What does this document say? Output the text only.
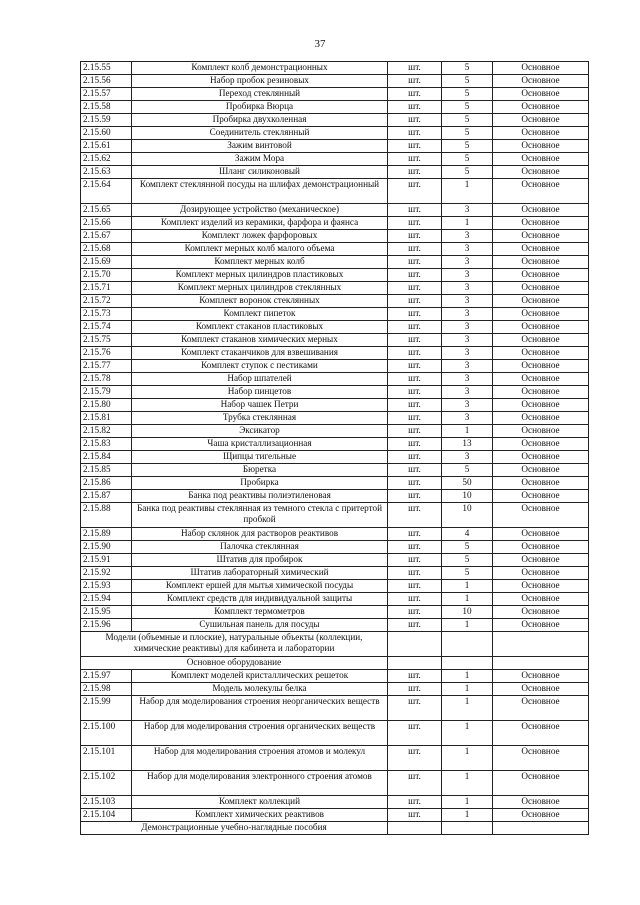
37
2.15.55	Комплект колб демонстрационных	шт.	5	Основное
2.15.56	Набор пробок резиновых	шт.	5	Основное
2.15.57	Переход стеклянный	шт.	5	Основное
2.15.58	Пробирка Вюрца	шт.	5	Основное
2.15.59	Пробирка двухколенная	шт.	5	Основное
2.15.60	Соединитель стеклянный	шт.	5	Основное
2.15.61	Зажим винтовой	шт.	5	Основное
2.15.62	Зажим Мора	шт.	5	Основное
2.15.63	Шланг силиконовый	шт.	5	Основное
2.15.64	Комплект стеклянной посуды на шлифах демонстрационный	шт.	1	Основное
2.15.65	Дозирующее устройство (механическое)	шт.	3	Основное
2.15.66	Комплект изделий из керамики, фарфора и фаянса	шт.	1	Основное
2.15.67	Комплект ложек фарфоровых	шт.	3	Основное
2.15.68	Комплект мерных колб малого объема	шт.	3	Основное
2.15.69	Комплект мерных колб	шт.	3	Основное
2.15.70	Комплект мерных цилиндров пластиковых	шт.	3	Основное
2.15.71	Комплект мерных цилиндров стеклянных	шт.	3	Основное
2.15.72	Комплект воронок стеклянных	шт.	3	Основное
2.15.73	Комплект пипеток	шт.	3	Основное
2.15.74	Комплект стаканов пластиковых	шт.	3	Основное
2.15.75	Комплект стаканов химических мерных	шт.	3	Основное
2.15.76	Комплект стаканчиков для взвешивания	шт.	3	Основное
2.15.77	Комплект ступок с пестиками	шт.	3	Основное
2.15.78	Набор шпателей	шт.	3	Основное
2.15.79	Набор пинцетов	шт.	3	Основное
2.15.80	Набор чашек Петри	шт.	3	Основное
2.15.81	Трубка стеклянная	шт.	3	Основное
2.15.82	Эксикатор	шт.	1	Основное
2.15.83	Чаша кристаллизационная	шт.	13	Основное
2.15.84	Щипцы тигельные	шт.	3	Основное
2.15.85	Бюретка	шт.	5	Основное
2.15.86	Пробирка	шт.	50	Основное
2.15.87	Банка под реактивы полиэтиленовая	шт.	10	Основное
2.15.88	Банка под реактивы стеклянная из темного стекла с притертой пробкой	шт.	10	Основное
2.15.89	Набор склянок для растворов реактивов	шт.	4	Основное
2.15.90	Палочка стеклянная	шт.	5	Основное
2.15.91	Штатив для пробирок	шт.	5	Основное
2.15.92	Штатив лабораторный химический	шт.	5	Основное
2.15.93	Комплект ершей для мытья химической посуды	шт.	1	Основное
2.15.94	Комплект средств для индивидуальной защиты	шт.	1	Основное
2.15.95	Комплект термометров	шт.	10	Основное
2.15.96	Сушильная панель для посуды	шт.	1	Основное
Модели (объемные и плоские), натуральные объекты (коллекции, химические реактивы) для кабинета и лаборатории				
Основное оборудование				
2.15.97	Комплект моделей кристаллических решеток	шт.	1	Основное
2.15.98	Модель молекулы белка	шт.	1	Основное
2.15.99	Набор для моделирования строения неорганических веществ	шт.	1	Основное
2.15.100	Набор для моделирования строения органических веществ	шт.	1	Основное
2.15.101	Набор для моделирования строения атомов и молекул	шт.	1	Основное
2.15.102	Набор для моделирования электронного строения атомов	шт.	1	Основное
2.15.103	Комплект коллекций	шт.	1	Основное
2.15.104	Комплект химических реактивов	шт.	1	Основное
Демонстрационные учебно-наглядные пособия				
